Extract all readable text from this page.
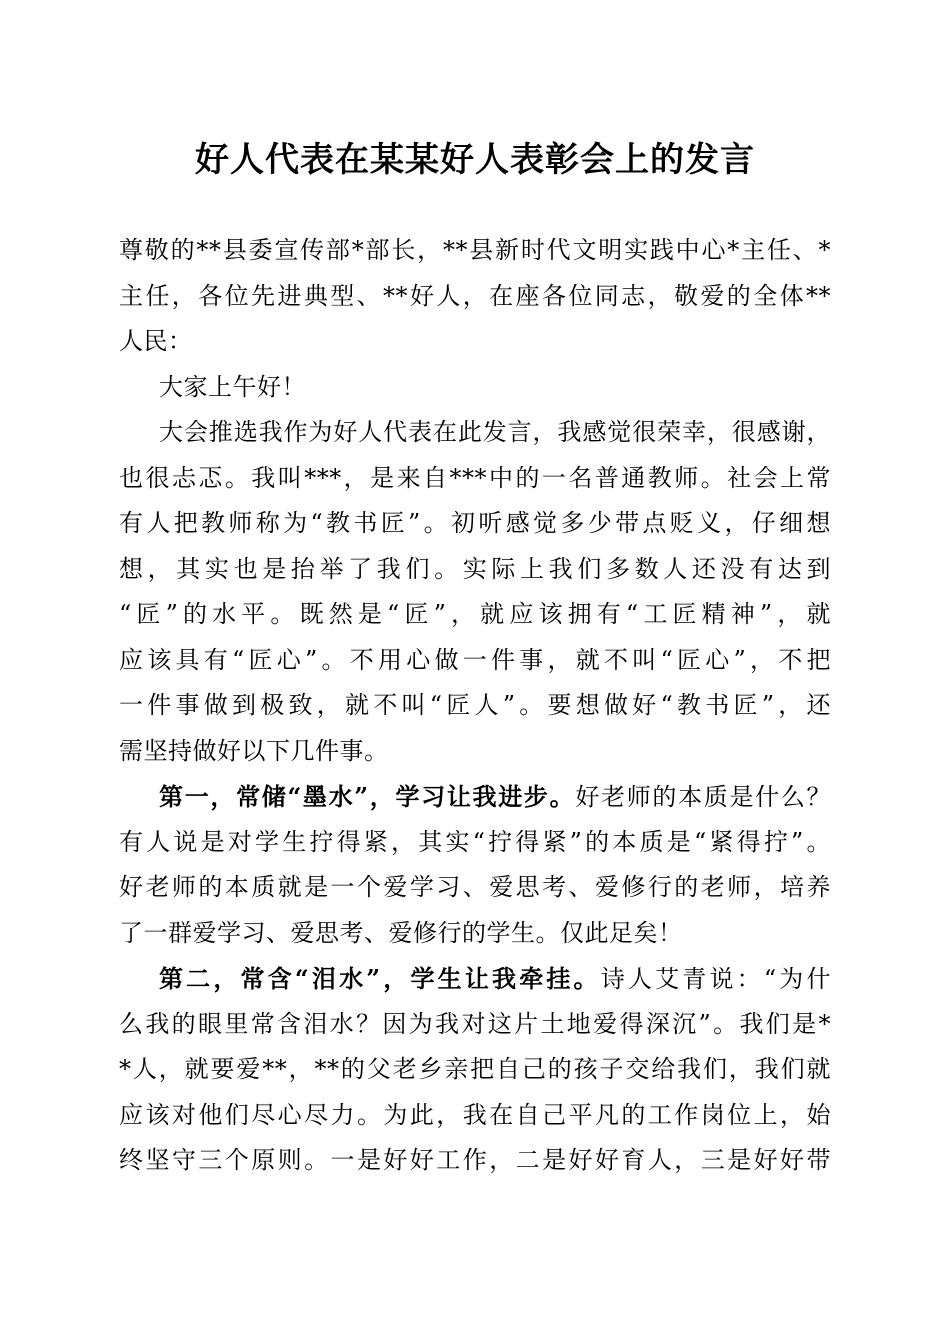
好人代表在某某好人表彰会上的发言
尊敬的**县委宣传部*部长，**县新时代文明实践中心*主任、*
主任，各位先进典型、**好人，在座各位同志，敬爱的全体**
人民：
大家上午好！
大会推选我作为好人代表在此发言，我感觉很荣幸，很感谢，
也很忐忑。我叫***，是来自***中的一名普通教师。社会上常
有人把教师称为“教书匠”。初听感觉多少带点贬义，仔细想
想，其实也是抬举了我们。实际上我们多数人还没有达到
“匠”的水平。既然是“匠”，就应该拥有“工匠精神”，就
应该具有“匠心”。不用心做一件事，就不叫“匠心”，不把
一件事做到极致，就不叫“匠人”。要想做好“教书匠”，还
需坚持做好以下几件事。
第一，常储“墨水”，学习让我进步。好老师的本质是什么？
有人说是对学生拧得紧，其实“拧得紧”的本质是“紧得拧”。
好老师的本质就是一个爱学习、爱思考、爱修行的老师，培养
了一群爱学习、爱思考、爱修行的学生。仅此足矣！
第二，常含“泪水”，学生让我牵挂。诗人艾青说：“为什
么我的眼里常含泪水？因为我对这片土地爱得深沉”。我们是*
*人，就要爱**，**的父老乡亲把自己的孩子交给我们，我们就
应该对他们尽心尽力。为此，我在自己平凡的工作岗位上，始
终坚守三个原则。一是好好工作，二是好好育人，三是好好带
